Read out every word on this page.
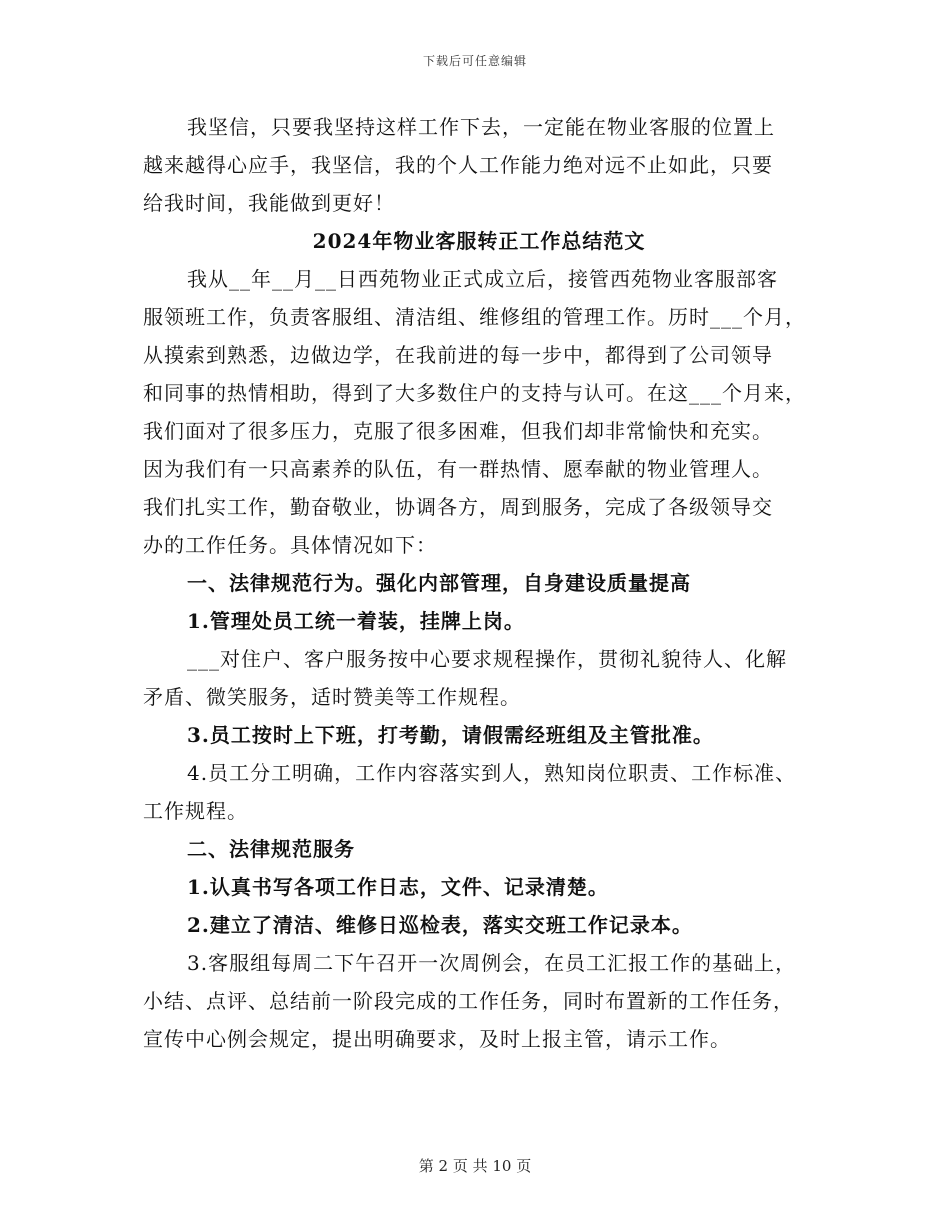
下载后可任意编辑
我坚信，只要我坚持这样工作下去，一定能在物业客服的位置上
越来越得心应手，我坚信，我的个人工作能力绝对远不止如此，只要
给我时间，我能做到更好！
2024年物业客服转正工作总结范文
我从__年__月__日西苑物业正式成立后，接管西苑物业客服部客
服领班工作，负责客服组、清洁组、维修组的管理工作。历时___个月，
从摸索到熟悉，边做边学，在我前进的每一步中，都得到了公司领导
和同事的热情相助，得到了大多数住户的支持与认可。在这___个月来，
我们面对了很多压力，克服了很多困难，但我们却非常愉快和充实。
因为我们有一只高素养的队伍，有一群热情、愿奉献的物业管理人。
我们扎实工作，勤奋敬业，协调各方，周到服务，完成了各级领导交
办的工作任务。具体情况如下：
一、法律规范行为。强化内部管理，自身建设质量提高
1.管理处员工统一着装，挂牌上岗。
___对住户、客户服务按中心要求规程操作，贯彻礼貌待人、化解
矛盾、微笑服务，适时赞美等工作规程。
3.员工按时上下班，打考勤，请假需经班组及主管批准。
4.员工分工明确，工作内容落实到人，熟知岗位职责、工作标准、
工作规程。
二、法律规范服务
1.认真书写各项工作日志，文件、记录清楚。
2.建立了清洁、维修日巡检表，落实交班工作记录本。
3.客服组每周二下午召开一次周例会，在员工汇报工作的基础上，
小结、点评、总结前一阶段完成的工作任务，同时布置新的工作任务，
宣传中心例会规定，提出明确要求，及时上报主管，请示工作。
第 2 页 共 10 页
